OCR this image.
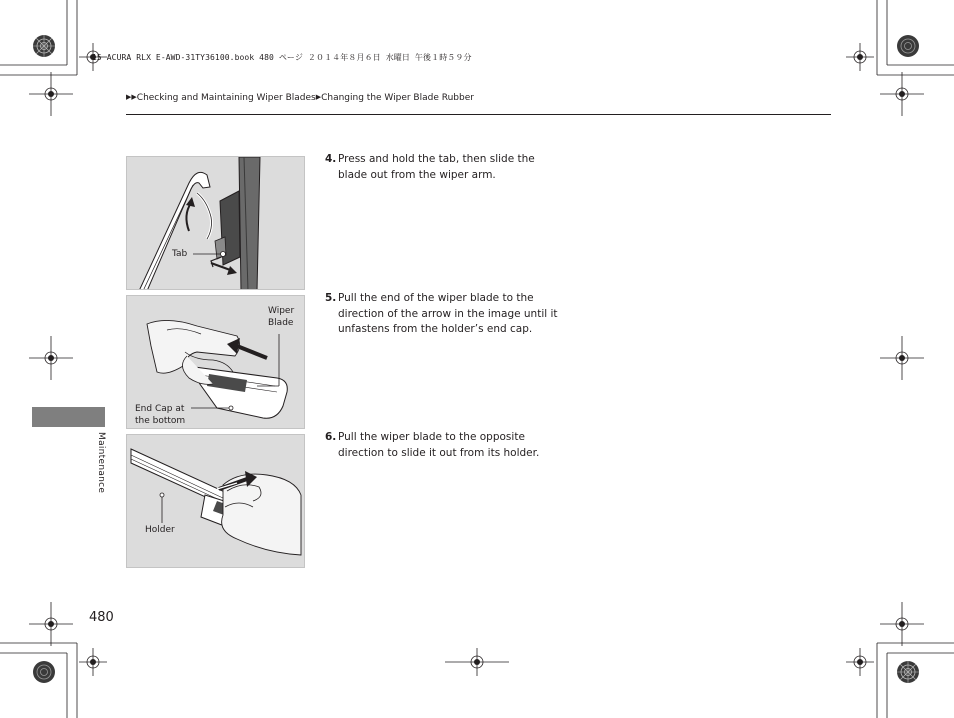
15 ACURA RLX E-AWD-31TY36100.book 480 ページ ２０１４年８月６日 水曜日 午後１時５９分
▶▶Checking and Maintaining Wiper Blades▶Changing the Wiper Blade Rubber
Tab
Wiper
Blade
End Cap at
the bottom
Holder
4. Press and hold the tab, then slide the
blade out from the wiper arm.
5. Pull the end of the wiper blade to the
direction of the arrow in the image until it
unfastens from the holder’s end cap.
6. Pull the wiper blade to the opposite
direction to slide it out from its holder.
Maintenance
480
